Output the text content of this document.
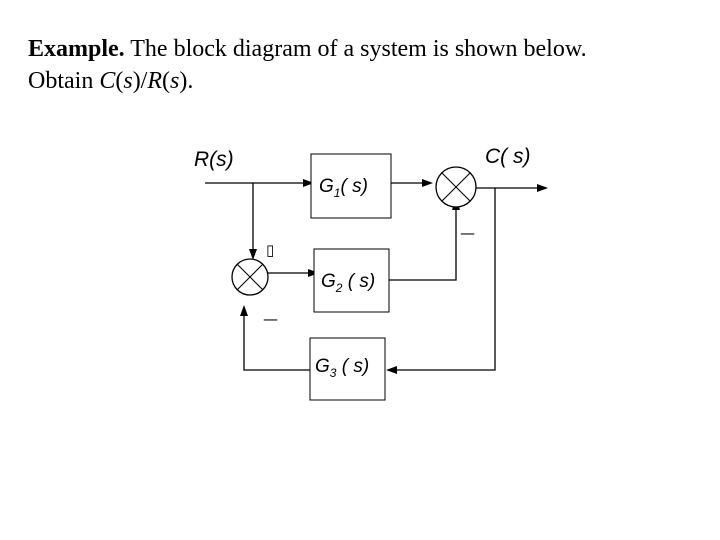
Example. The block diagram of a system is shown below.
Obtain C(s)/R(s).
R(s)	C( s)
$G_1$( s)
$G_2$ ( s)
$G_3$ ( s)
—
—
▯
